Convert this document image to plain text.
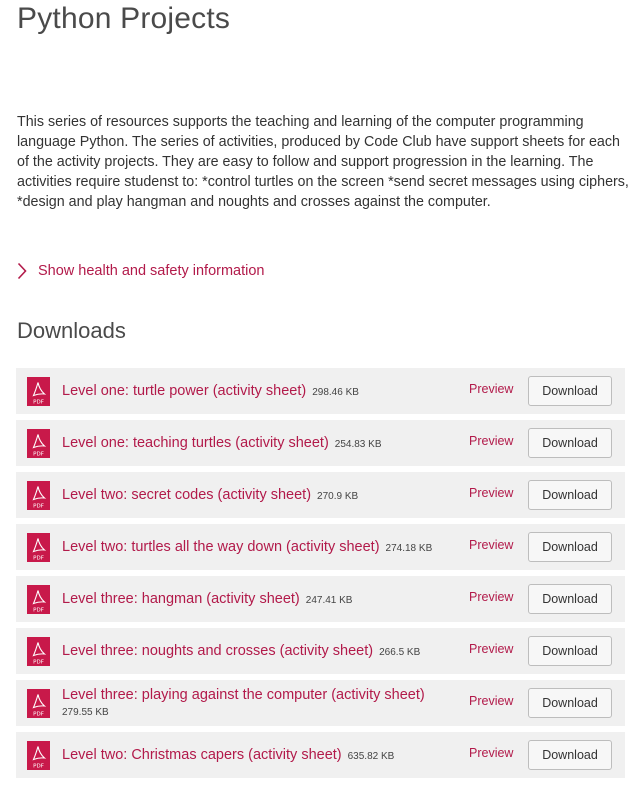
Python Projects

This series of resources supports the teaching and learning of the computer programming language Python. The series of activities, produced by Code Club have support sheets for each of the activity projects. They are easy to follow and support progression in the learning. The activities require studenst to: *control turtles on the screen *send secret messages using ciphers, *design and play hangman and noughts and crosses against the computer.

Show health and safety information
Downloads
PDF
Level one: turtle power (activity sheet) 298.46 KB	Preview	Download
PDF
Level one: teaching turtles (activity sheet) 254.83 KB	Preview	Download
PDF
Level two: secret codes (activity sheet) 270.9 KB	Preview	Download
PDF
Level two: turtles all the way down (activity sheet) 274.18 KB	Preview	Download
PDF
Level three: hangman (activity sheet) 247.41 KB	Preview	Download
PDF
Level three: noughts and crosses (activity sheet) 266.5 KB	Preview	Download
PDF
Level three: playing against the computer (activity sheet)
279.55 KB
Preview	Download
PDF
Level two: Christmas capers (activity sheet) 635.82 KB	Preview	Download
